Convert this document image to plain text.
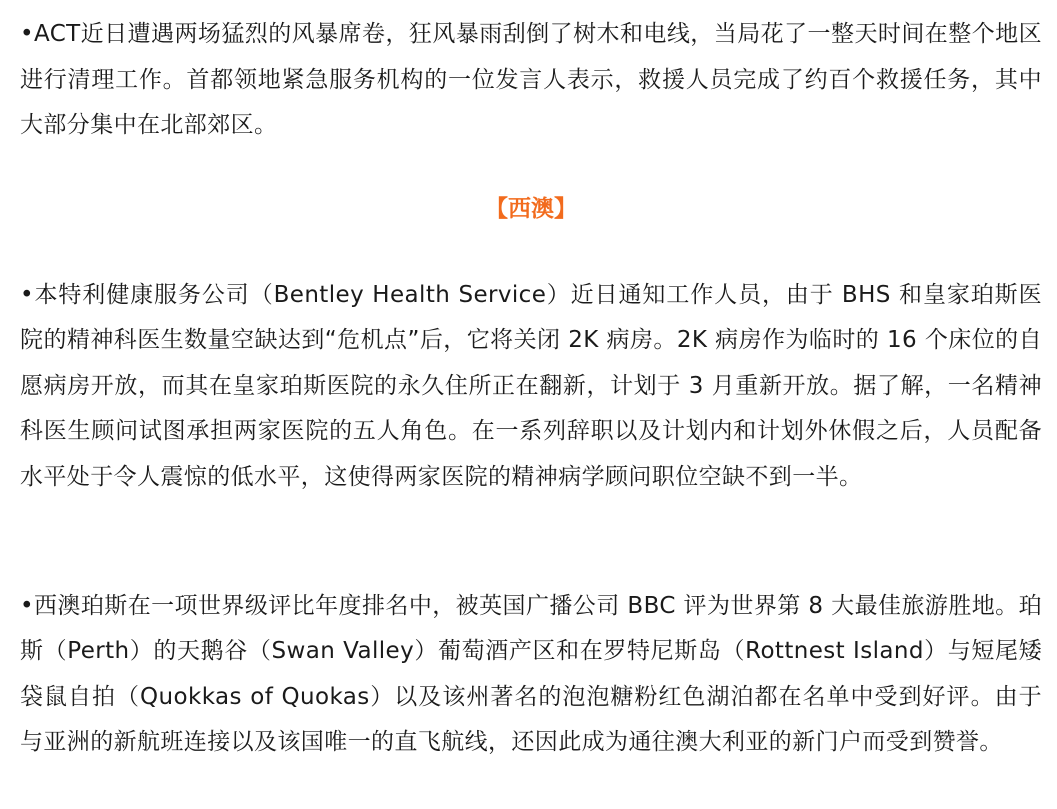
•ACT近日遭遇两场猛烈的风暴席卷，狂风暴雨刮倒了树木和电线，当局花了一整天时间在整个地区进行清理工作。首都领地紧急服务机构的一位发言人表示，救援人员完成了约百个救援任务，其中大部分集中在北部郊区。

【西澳】

•本特利健康服务公司（Bentley Health Service）近日通知工作人员，由于 BHS 和皇家珀斯医院的精神科医生数量空缺达到“危机点”后，它将关闭 2K 病房。2K 病房作为临时的 16 个床位的自愿病房开放，而其在皇家珀斯医院的永久住所正在翻新，计划于 3 月重新开放。据了解，一名精神科医生顾问试图承担两家医院的五人角色。在一系列辞职以及计划内和计划外休假之后，人员配备水平处于令人震惊的低水平，这使得两家医院的精神病学顾问职位空缺不到一半。

•西澳珀斯在一项世界级评比年度排名中，被英国广播公司 BBC 评为世界第 8 大最佳旅游胜地。珀斯（Perth）的天鹅谷（Swan Valley）葡萄酒产区和在罗特尼斯岛（Rottnest Island）与短尾矮袋鼠自拍（Quokkas of Quokas）以及该州著名的泡泡糖粉红色湖泊都在名单中受到好评。由于与亚洲的新航班连接以及该国唯一的直飞航线，还因此成为通往澳大利亚的新门户而受到赞誉。
